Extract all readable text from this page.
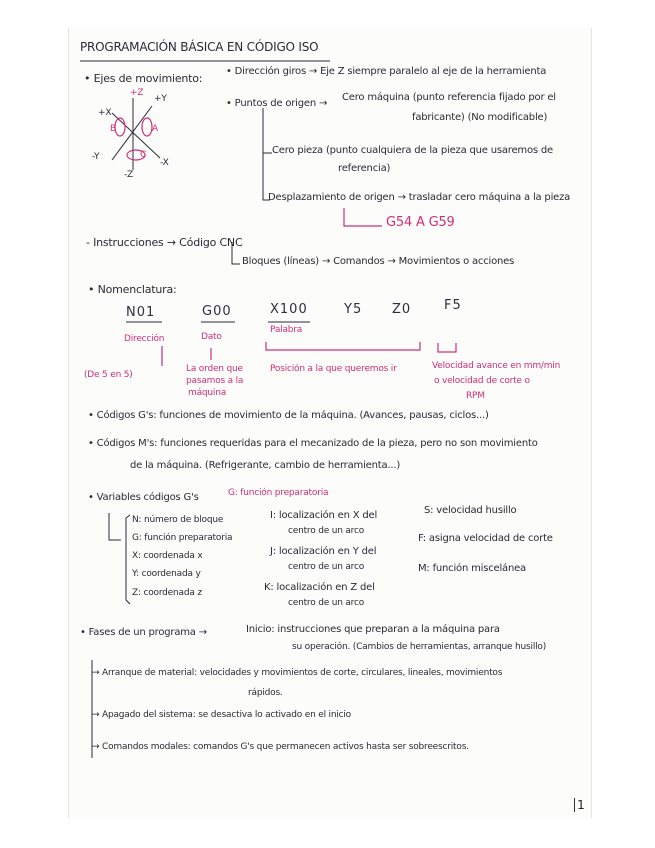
PROGRAMACIÓN BÁSICA EN CÓDIGO ISO
• Ejes de movimiento:
+Z
+Y
+X
-Y
-X
-Z
B	A
C
• Dirección giros → Eje Z siempre paralelo al eje de la herramienta
• Puntos de origen →
Cero máquina (punto referencia fijado por el
fabricante) (No modificable)
Cero pieza (punto cualquiera de la pieza que usaremos de
referencia)
Desplazamiento de origen → trasladar cero máquina a la pieza
G54 A G59
- Instrucciones → Código CNC
Bloques (líneas) → Comandos → Movimientos o acciones
• Nomenclatura:
N01	G00	X100	Y5 Z0	F5
Dirección
(De 5 en 5)
Dato
La orden que
pasamos a la
máquina
Palabra
Posición a la que queremos ir	Velocidad avance en mm/min
o velocidad de corte o
RPM
• Códigos G's: funciones de movimiento de la máquina. (Avances, pausas, ciclos...)
• Códigos M's: funciones requeridas para el mecanizado de la pieza, pero no son movimiento
de la máquina. (Refrigerante, cambio de herramienta...)
• Variables códigos G's	G: función preparatoria
N: número de bloque
G: función preparatoria
X: coordenada x
Y: coordenada y
Z: coordenada z
I: localización en X del
centro de un arco
J: localización en Y del
centro de un arco
K: localización en Z del
centro de un arco
S: velocidad husillo
F: asigna velocidad de corte
M: función miscelánea
• Fases de un programa →	Inicio: instrucciones que preparan a la máquina para
su operación. (Cambios de herramientas, arranque husillo)
→ Arranque de material: velocidades y movimientos de corte, circulares, lineales, movimientos
rápidos.
→ Apagado del sistema: se desactiva lo activado en el inicio
→ Comandos modales: comandos G's que permanecen activos hasta ser sobreescritos.
1
